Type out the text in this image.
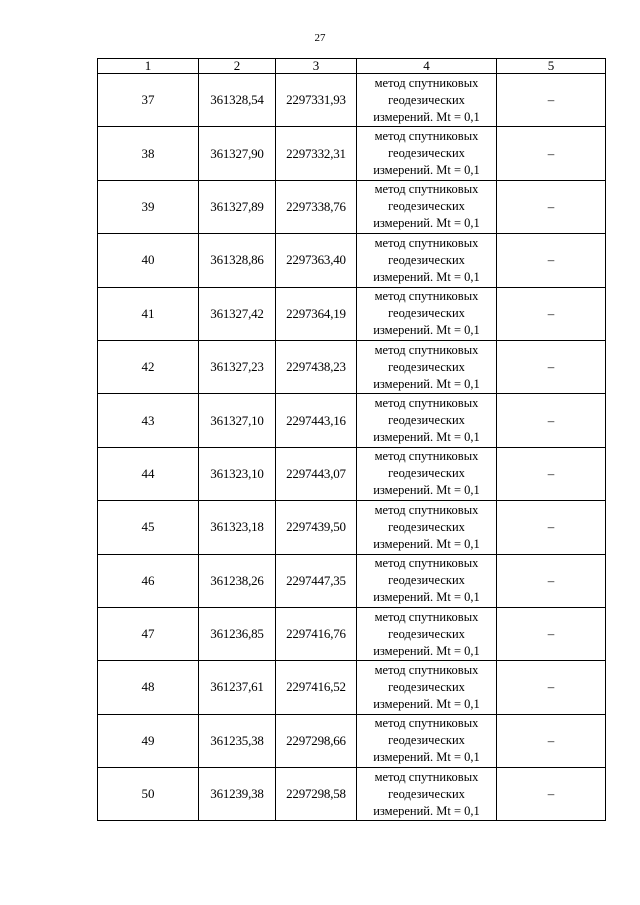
27
1	2	3	4	5
37	361328,54	2297331,93	метод спутниковых
геодезических
измерений. Mt = 0,1	–
38	361327,90	2297332,31	метод спутниковых
геодезических
измерений. Mt = 0,1	–
39	361327,89	2297338,76	метод спутниковых
геодезических
измерений. Mt = 0,1	–
40	361328,86	2297363,40	метод спутниковых
геодезических
измерений. Mt = 0,1	–
41	361327,42	2297364,19	метод спутниковых
геодезических
измерений. Mt = 0,1	–
42	361327,23	2297438,23	метод спутниковых
геодезических
измерений. Mt = 0,1	–
43	361327,10	2297443,16	метод спутниковых
геодезических
измерений. Mt = 0,1	–
44	361323,10	2297443,07	метод спутниковых
геодезических
измерений. Mt = 0,1	–
45	361323,18	2297439,50	метод спутниковых
геодезических
измерений. Mt = 0,1	–
46	361238,26	2297447,35	метод спутниковых
геодезических
измерений. Mt = 0,1	–
47	361236,85	2297416,76	метод спутниковых
геодезических
измерений. Mt = 0,1	–
48	361237,61	2297416,52	метод спутниковых
геодезических
измерений. Mt = 0,1	–
49	361235,38	2297298,66	метод спутниковых
геодезических
измерений. Mt = 0,1	–
50	361239,38	2297298,58	метод спутниковых
геодезических
измерений. Mt = 0,1	–
